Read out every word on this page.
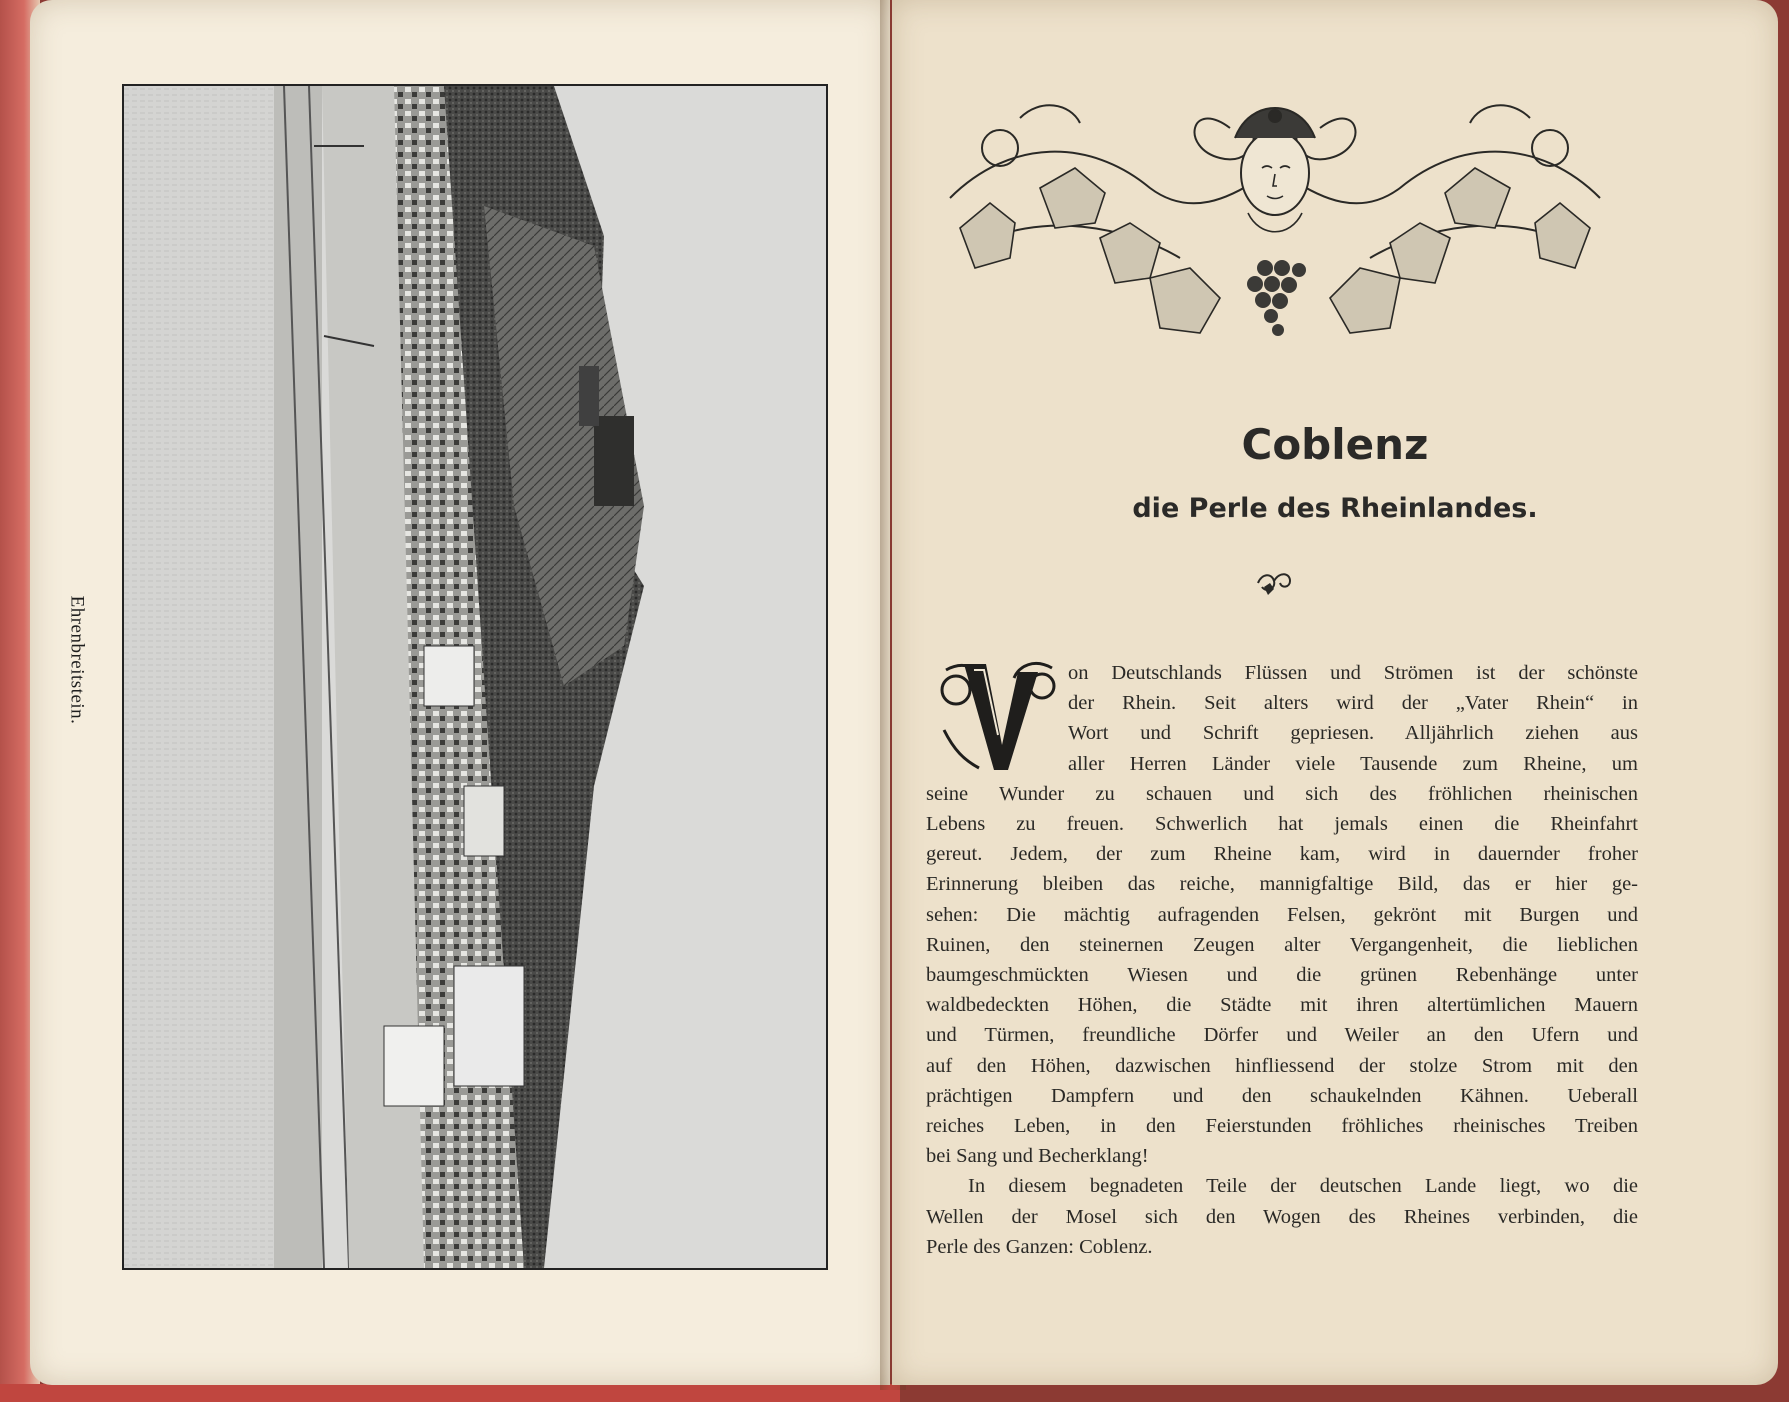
Ehrenbreitstein.
Coblenz
die Perle des Rheinlandes.
on Deutschlands Flüssen und Strömen ist der schönste
der Rhein. Seit alters wird der „Vater Rhein“ in
Wort und Schrift gepriesen. Alljährlich ziehen aus
aller Herren Länder viele Tausende zum Rheine, um
seine Wunder zu schauen und sich des fröhlichen rheinischen
Lebens zu freuen. Schwerlich hat jemals einen die Rheinfahrt
gereut. Jedem, der zum Rheine kam, wird in dauernder froher
Erinnerung bleiben das reiche, mannigfaltige Bild, das er hier ge-
sehen: Die mächtig aufragenden Felsen, gekrönt mit Burgen und
Ruinen, den steinernen Zeugen alter Vergangenheit, die lieblichen
baumgeschmückten Wiesen und die grünen Rebenhänge unter
waldbedeckten Höhen, die Städte mit ihren altertümlichen Mauern
und Türmen, freundliche Dörfer und Weiler an den Ufern und
auf den Höhen, dazwischen hinfliessend der stolze Strom mit den
prächtigen Dampfern und den schaukelnden Kähnen. Ueberall
reiches Leben, in den Feierstunden fröhliches rheinisches Treiben
bei Sang und Becherklang!
In diesem begnadeten Teile der deutschen Lande liegt, wo die
Wellen der Mosel sich den Wogen des Rheines verbinden, die
Perle des Ganzen: Coblenz.
